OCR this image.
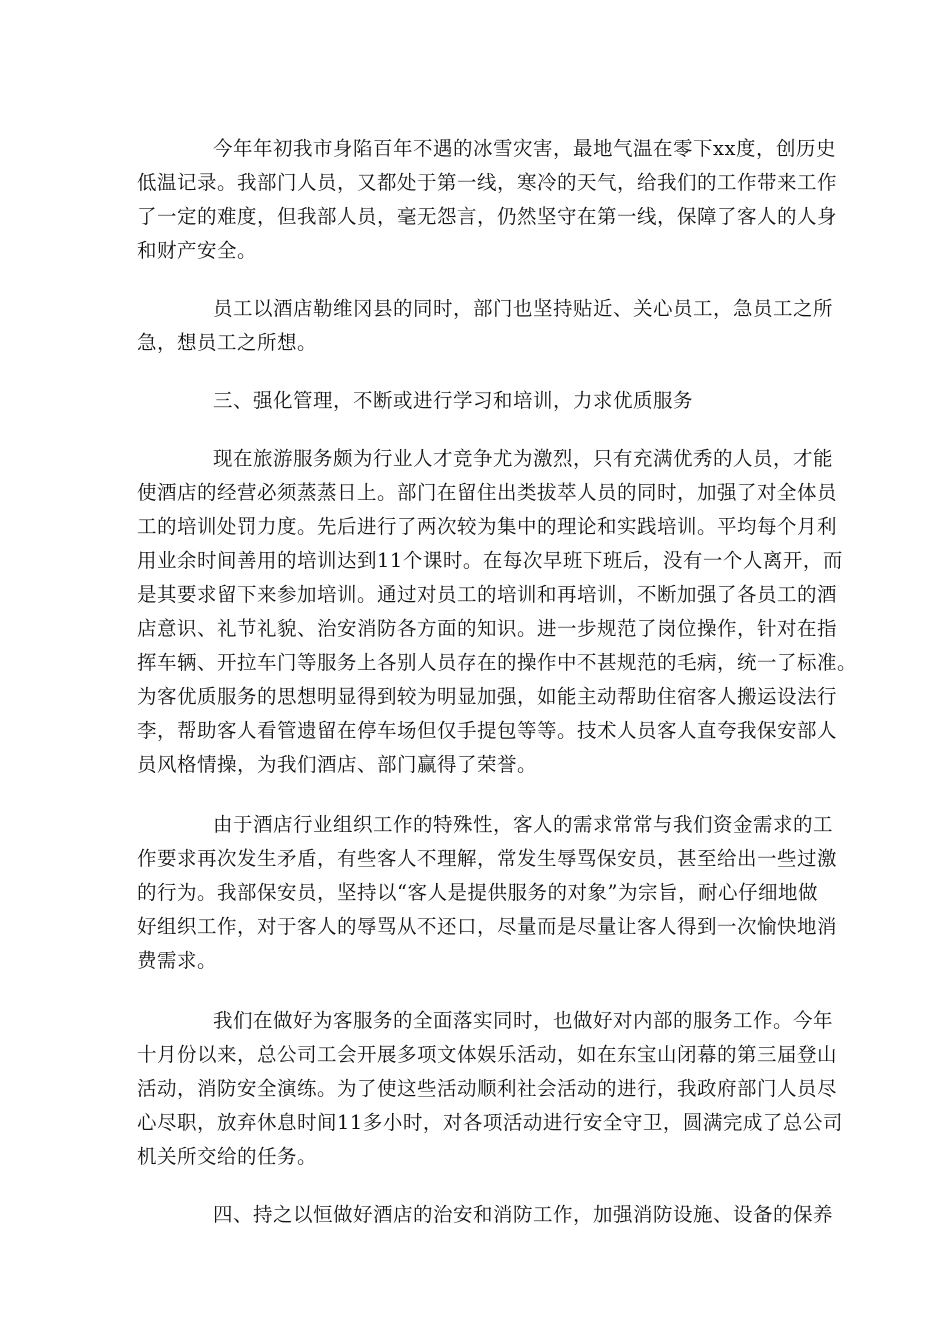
今年年初我市身陷百年不遇的冰雪灾害，最地气温在零下xx度，创历史
低温记录。我部门人员，又都处于第一线，寒冷的天气，给我们的工作带来工作
了一定的难度，但我部人员，毫无怨言，仍然坚守在第一线，保障了客人的人身
和财产安全。

员工以酒店勒维冈县的同时，部门也坚持贴近、关心员工，急员工之所
急，想员工之所想。

三、强化管理，不断或进行学习和培训，力求优质服务

现在旅游服务颇为行业人才竞争尤为激烈，只有充满优秀的人员，才能
使酒店的经营必须蒸蒸日上。部门在留住出类拔萃人员的同时，加强了对全体员
工的培训处罚力度。先后进行了两次较为集中的理论和实践培训。平均每个月利
用业余时间善用的培训达到11个课时。在每次早班下班后，没有一个人离开，而
是其要求留下来参加培训。通过对员工的培训和再培训，不断加强了各员工的酒
店意识、礼节礼貌、治安消防各方面的知识。进一步规范了岗位操作，针对在指
挥车辆、开拉车门等服务上各别人员存在的操作中不甚规范的毛病，统一了标准。
为客优质服务的思想明显得到较为明显加强，如能主动帮助住宿客人搬运设法行
李，帮助客人看管遗留在停车场但仅手提包等等。技术人员客人直夸我保安部人
员风格情操，为我们酒店、部门赢得了荣誉。

由于酒店行业组织工作的特殊性，客人的需求常常与我们资金需求的工
作要求再次发生矛盾，有些客人不理解，常发生辱骂保安员，甚至给出一些过激
的行为。我部保安员，坚持以“客人是提供服务的对象”为宗旨，耐心仔细地做
好组织工作，对于客人的辱骂从不还口，尽量而是尽量让客人得到一次愉快地消
费需求。

我们在做好为客服务的全面落实同时，也做好对内部的服务工作。今年
十月份以来，总公司工会开展多项文体娱乐活动，如在东宝山闭幕的第三届登山
活动，消防安全演练。为了使这些活动顺利社会活动的进行，我政府部门人员尽
心尽职，放弃休息时间11多小时，对各项活动进行安全守卫，圆满完成了总公司
机关所交给的任务。

四、持之以恒做好酒店的治安和消防工作，加强消防设施、设备的保养
